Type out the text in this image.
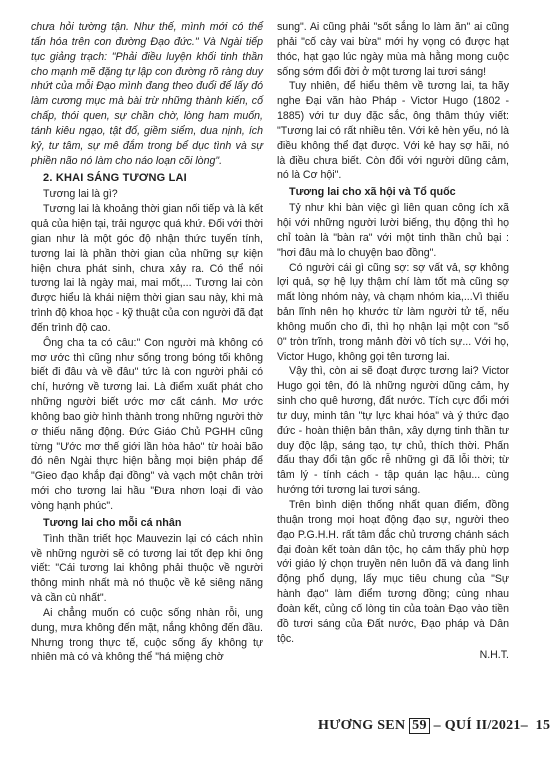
chưa hỏi tường tận. Như thế, mình mới có thể tấn hóa trên con đường Đạo đức." Và Ngài tiếp tục giảng trạch: "Phải điều luyện khối tinh thần cho mạnh mẽ đặng tự lập con đường rõ ràng duy nhứt của mỗi Đạo mình đang theo đuổi để lấy đó làm cương mục mà bài trừ những thành kiến, cố chấp, thói quen, sự chần chờ, lòng ham muốn, tánh kiêu ngạo, tật đố, giềm siểm, dua nịnh, ích kỷ, tư tâm, sự mê đắm trong bể dục tình và sự phiền não nó làm cho náo loạn cõi lòng".

2. KHAI SÁNG TƯƠNG LAI

Tương lai là gì?

Tương lai là khoảng thời gian nối tiếp và là kết quả của hiện tại, trải ngược quá khứ. Đối với thời gian như là một góc độ nhận thức tuyến tính, tương lai là phần thời gian của những sự kiện hiện chưa phát sinh, chưa xảy ra. Có thể nói tương lai là ngày mai, mai mốt,... Tương lai còn được hiểu là khái niệm thời gian sau này, khi mà trình độ khoa học - kỹ thuật của con người đã đạt đến trình độ cao.

Ông cha ta có câu:" Con người mà không có mơ ước thì cũng như sống trong bóng tối không biết đi đâu và về đâu" tức là con người phải có chí, hướng về tương lai. Là điểm xuất phát cho những người biết ước mơ cất cánh. Mơ ước không bao giờ hình thành trong những người thờ ơ thiếu năng động. Đức Giáo Chủ PGHH cũng từng "Ước mơ thế giới lần hòa hảo" từ hoài bão đó nên Ngài thực hiện bằng mọi biện pháp để "Gieo đạo khắp đại đồng" và vạch một chân trời mới cho tương lai hầu "Đưa nhơn loại đi vào vòng hạnh phúc".

Tương lai cho mỗi cá nhân

Tình thần triết học Mauvezin lại có cách nhìn về những người sẽ có tương lai tốt đẹp khi ông viết: "Cái tương lai không phải thuộc về người thông minh nhất mà nó thuộc về kẻ siêng năng và cần cù nhất".

Ai chẳng muốn có cuộc sống nhàn rỗi, ung dung, mưa không đến mặt, nắng không đến đầu. Nhưng trong thực tế, cuộc sống ấy không tự nhiên mà có và không thể "há miệng chờ

sung". Ai cũng phải "sốt sắng lo làm ăn" ai cũng phải "cố cày vai bừa" mới hy vọng có được hạt thóc, hạt gạo lúc ngày mùa mà hằng mong cuộc sống sớm đổi đời ở một tương lai tươi sáng!

Tuy nhiên, để hiểu thêm về tương lai, ta hãy nghe Đại văn hào Pháp - Victor Hugo (1802 - 1885) với tư duy đặc sắc, ông thâm thúy viết: "Tương lai có rất nhiều tên. Với kẻ hèn yếu, nó là điều không thể đạt được. Với kẻ hay sợ hãi, nó là điều chưa biết. Còn đối với người dũng cảm, nó là Cơ hội".

Tương lai cho xã hội và Tổ quốc

Tỷ như khi bàn việc gì liên quan công ích xã hội với những người lười biếng, thụ động thì họ chỉ toàn là "bàn ra" với một tinh thần chủ bại : "hơi đâu mà lo chuyện bao đồng".

Có người cái gì cũng sợ: sợ vất vả, sợ không lợi quả, sợ hệ lụy thậm chí làm tốt mà cũng sợ mất lòng nhóm này, và chạm nhóm kia,...Vì thiếu bản lĩnh nên họ khước từ làm người tử tế, nếu không muốn cho đi, thì họ nhận lại một con "số 0" tròn trĩnh, trong mảnh đời vô tích sự... Với họ, Victor Hugo, không gọi tên tương lai.

Vậy thì, còn ai sẽ đoạt được tương lai? Victor Hugo gọi tên, đó là những người dũng cảm, hy sinh cho quê hương, đất nước. Tích cực đổi mới tư duy, minh tân "tự lực khai hóa" và ý thức đạo đức - hoàn thiện bản thân, xây dựng tinh thần tư duy độc lập, sáng tạo, tự chủ, thích thời. Phấn đấu thay đổi tận gốc rễ những gì đã lỗi thời; từ tâm lý - tính cách - tập quán lạc hậu... cùng hướng tới tương lai tươi sáng.

Trên bình diện thống nhất quan điểm, đồng thuận trong mọi hoạt động đạo sự, người theo đạo P.G.H.H. rất tâm đắc chủ trương chánh sách đại đoàn kết toàn dân tộc, họ cảm thấy phù hợp với giáo lý chọn truyền nên luôn đã và đang linh động phổ dụng, lấy mục tiêu chung của "Sự hành đạo" làm điểm tương đồng; cùng nhau đoàn kết, củng cố lòng tin của toàn Đạo vào tiền đồ tươi sáng của Đất nước, Đạo pháp và Dân tộc.

N.H.T.
HƯƠNG SEN 59 – QUÍ II/2021– 15
